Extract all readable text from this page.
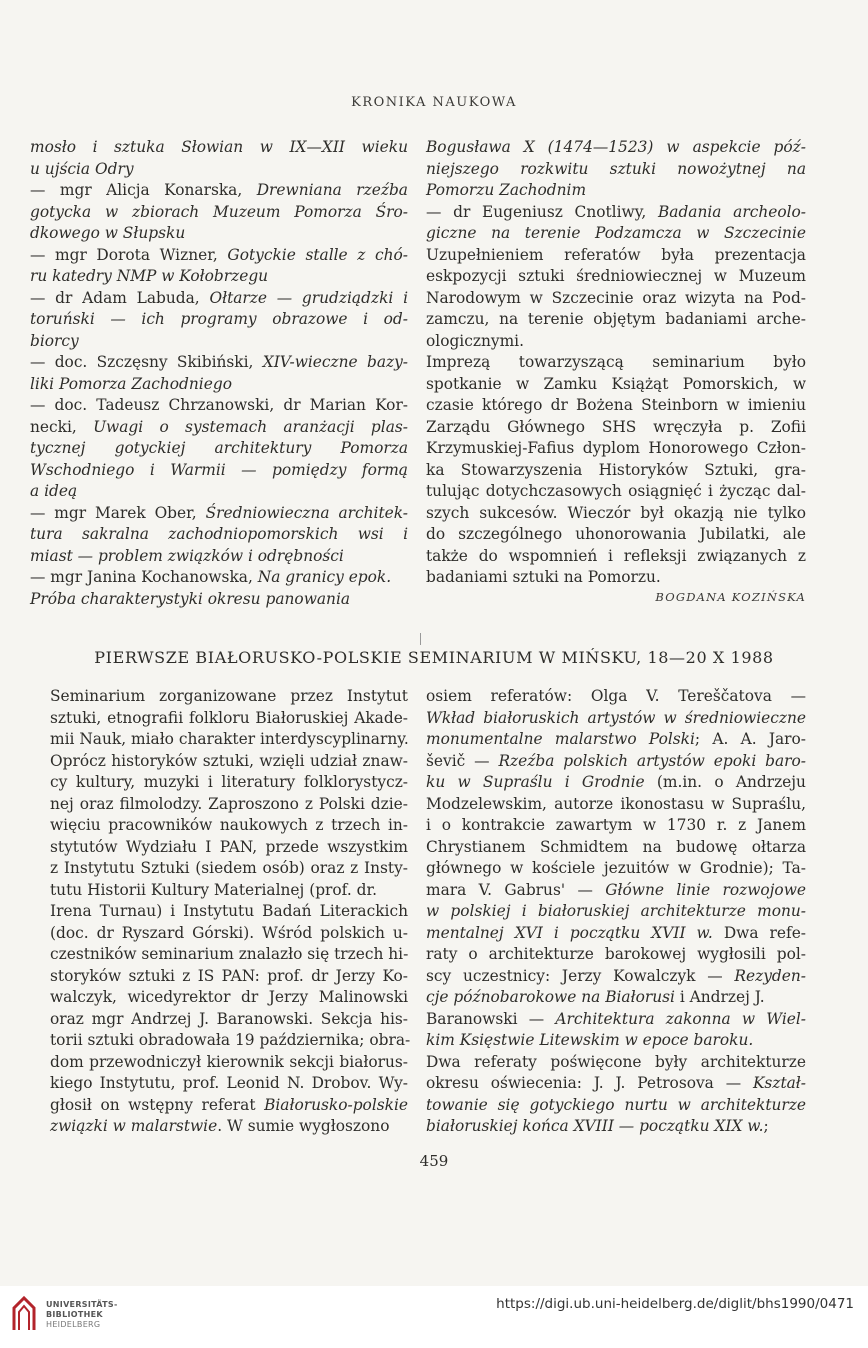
KRONIKA NAUKOWA
mosło i sztuka Słowian w IX—XII wieku
u ujścia Odry
— mgr Alicja Konarska, Drewniana rzeźba
gotycka w zbiorach Muzeum Pomorza Śro-
dkowego w Słupsku
— mgr Dorota Wizner, Gotyckie stalle z chó-
ru katedry NMP w Kołobrzegu
— dr Adam Labuda, Ołtarze — grudziądzki i
toruński — ich programy obrazowe i od-
biorcy
— doc. Szczęsny Skibiński, XIV-wieczne bazy-
liki Pomorza Zachodniego
— doc. Tadeusz Chrzanowski, dr Marian Kor-
necki, Uwagi o systemach aranżacji plas-
tycznej gotyckiej architektury Pomorza
Wschodniego i Warmii — pomiędzy formą
a ideą
— mgr Marek Ober, Średniowieczna architek-
tura sakralna zachodniopomorskich wsi i
miast — problem związków i odrębności
— mgr Janina Kochanowska, Na granicy epok.
Próba charakterystyki okresu panowania
Bogusława X (1474—1523) w aspekcie póź-
niejszego rozkwitu sztuki nowożytnej na
Pomorzu Zachodnim
— dr Eugeniusz Cnotliwy, Badania archeolo-
giczne na terenie Podzamcza w Szczecinie
Uzupełnieniem referatów była prezentacja
eskpozycji sztuki średniowiecznej w Muzeum
Narodowym w Szczecinie oraz wizyta na Pod-
zamczu, na terenie objętym badaniami arche-
ologicznymi.
Imprezą towarzyszącą seminarium było
spotkanie w Zamku Książąt Pomorskich, w
czasie którego dr Bożena Steinborn w imieniu
Zarządu Głównego SHS wręczyła p. Zofii
Krzymuskiej-Fafius dyplom Honorowego Człon-
ka Stowarzyszenia Historyków Sztuki, gra-
tulując dotychczasowych osiągnięć i życząc dal-
szych sukcesów. Wieczór był okazją nie tylko
do szczególnego uhonorowania Jubilatki, ale
także do wspomnień i refleksji związanych z
badaniami sztuki na Pomorzu.
BOGDANA KOZIŃSKA
PIERWSZE BIAŁORUSKO-POLSKIE SEMINARIUM W MIŃSKU, 18—20 X 1988
Seminarium zorganizowane przez Instytut
sztuki, etnografii folkloru Białoruskiej Akade-
mii Nauk, miało charakter interdyscyplinarny.
Oprócz historyków sztuki, wzięli udział znaw-
cy kultury, muzyki i literatury folklorystycz-
nej oraz filmolodzy. Zaproszono z Polski dzie-
więciu pracowników naukowych z trzech in-
stytutów Wydziału I PAN, przede wszystkim
z Instytutu Sztuki (siedem osób) oraz z Insty-
tutu Historii Kultury Materialnej (prof. dr.
Irena Turnau) i Instytutu Badań Literackich
(doc. dr Ryszard Górski). Wśród polskich u-
czestników seminarium znalazło się trzech hi-
storyków sztuki z IS PAN: prof. dr Jerzy Ko-
walczyk, wicedyrektor dr Jerzy Malinowski
oraz mgr Andrzej J. Baranowski. Sekcja his-
torii sztuki obradowała 19 października; obra-
dom przewodniczył kierownik sekcji białorus-
kiego Instytutu, prof. Leonid N. Drobov. Wy-
głosił on wstępny referat Białorusko-polskie
związki w malarstwie. W sumie wygłoszono
osiem referatów: Olga V. Tereščatova —
Wkład białoruskich artystów w średniowieczne
monumentalne malarstwo Polski; A. A. Jaro-
ševič — Rzeźba polskich artystów epoki baro-
ku w Supraślu i Grodnie (m.in. o Andrzeju
Modzelewskim, autorze ikonostasu w Supraślu,
i o kontrakcie zawartym w 1730 r. z Janem
Chrystianem Schmidtem na budowę ołtarza
głównego w kościele jezuitów w Grodnie); Ta-
mara V. Gabrus' — Główne linie rozwojowe
w polskiej i białoruskiej architekturze monu-
mentalnej XVI i początku XVII w. Dwa refe-
raty o architekturze barokowej wygłosili pol-
scy uczestnicy: Jerzy Kowalczyk — Rezyden-
cje późnobarokowe na Białorusi i Andrzej J.
Baranowski — Architektura zakonna w Wiel-
kim Księstwie Litewskim w epoce baroku.
Dwa referaty poświęcone były architekturze
okresu oświecenia: J. J. Petrosova — Kształ-
towanie się gotyckiego nurtu w architekturze
białoruskiej końca XVIII — początku XIX w.;
459
UNIVERSITÄTS-
BIBLIOTHEK
HEIDELBERG
https://digi.ub.uni-heidelberg.de/diglit/bhs1990/0471
